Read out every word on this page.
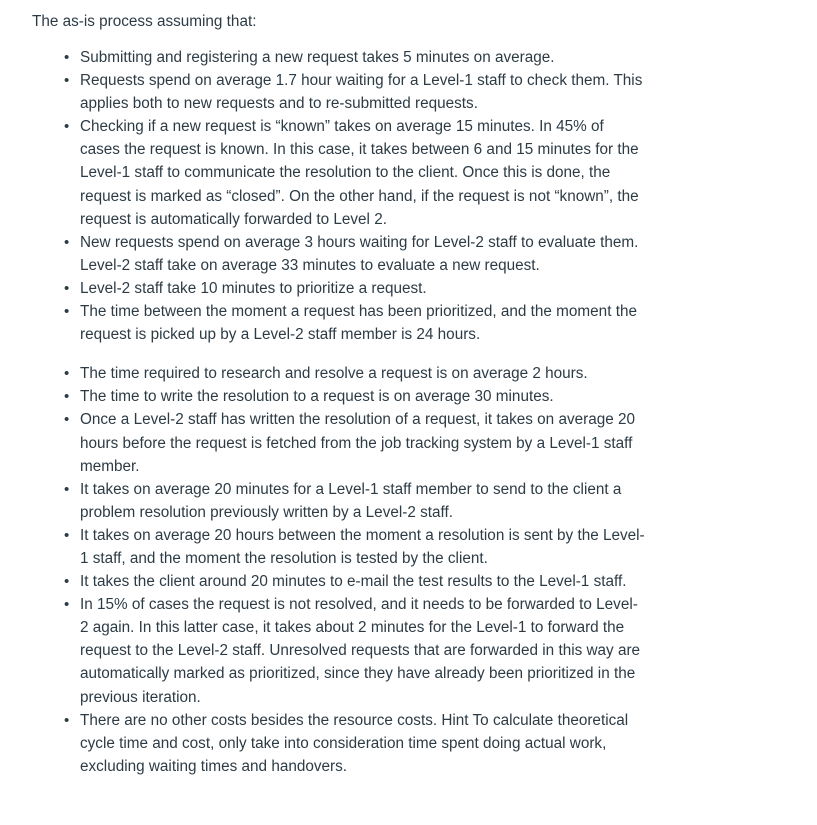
The as-is process assuming that:

• Submitting and registering a new request takes 5 minutes on average.
• Requests spend on average 1.7 hour waiting for a Level-1 staff to check them. This applies both to new requests and to re-submitted requests.
• Checking if a new request is “known” takes on average 15 minutes. In 45% of cases the request is known. In this case, it takes between 6 and 15 minutes for the Level-1 staff to communicate the resolution to the client. Once this is done, the request is marked as “closed”. On the other hand, if the request is not “known”, the request is automatically forwarded to Level 2.
• New requests spend on average 3 hours waiting for Level-2 staff to evaluate them. Level-2 staff take on average 33 minutes to evaluate a new request.
• Level-2 staff take 10 minutes to prioritize a request.
• The time between the moment a request has been prioritized, and the moment the request is picked up by a Level-2 staff member is 24 hours.
• The time required to research and resolve a request is on average 2 hours.
• The time to write the resolution to a request is on average 30 minutes.
• Once a Level-2 staff has written the resolution of a request, it takes on average 20 hours before the request is fetched from the job tracking system by a Level-1 staff member.
• It takes on average 20 minutes for a Level-1 staff member to send to the client a problem resolution previously written by a Level-2 staff.
• It takes on average 20 hours between the moment a resolution is sent by the Level-1 staff, and the moment the resolution is tested by the client.
• It takes the client around 20 minutes to e-mail the test results to the Level-1 staff.
• In 15% of cases the request is not resolved, and it needs to be forwarded to Level-2 again. In this latter case, it takes about 2 minutes for the Level-1 to forward the request to the Level-2 staff. Unresolved requests that are forwarded in this way are automatically marked as prioritized, since they have already been prioritized in the previous iteration.
• There are no other costs besides the resource costs. Hint To calculate theoretical cycle time and cost, only take into consideration time spent doing actual work, excluding waiting times and handovers.
